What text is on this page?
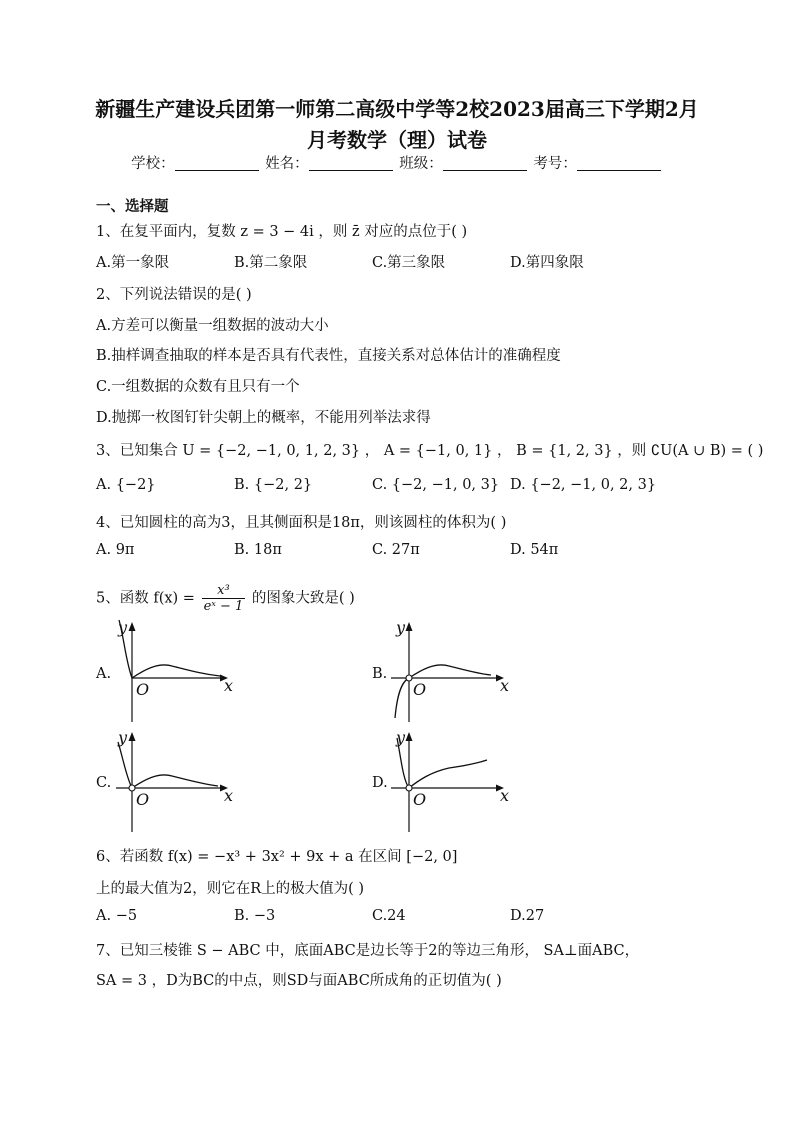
新疆生产建设兵团第一师第二高级中学等2校2023届高三下学期2月
月考数学（理）试卷
学校：	姓名：	班级：	考号：
一、选择题
1、在复平面内，复数 z = 3 − 4i ，则 z̄ 对应的点位于( )
A.第一象限	B.第二象限	C.第三象限	D.第四象限
2、下列说法错误的是( )
A.方差可以衡量一组数据的波动大小
B.抽样调查抽取的样本是否具有代表性，直接关系对总体估计的准确程度
C.一组数据的众数有且只有一个
D.抛掷一枚图钉针尖朝上的概率，不能用列举法求得
3、已知集合 U = {−2, −1, 0, 1, 2, 3} ， A = {−1, 0, 1} ， B = {1, 2, 3} ，则 ∁U(A ∪ B) = ( )
A. {−2}	B. {−2, 2}	C. {−2, −1, 0, 3} D. {−2, −1, 0, 2, 3}
4、已知圆柱的高为3，且其侧面积是18π，则该圆柱的体积为( )
A. 9π	B. 18π	C. 27π	D. 54π
5、函数 $f(x) = \frac{\text{x³}}{\text{eˣ − 1}}$ 的图象大致是( )
A.
y
x
O
B.
y
x
O
C.
y
x
O
D.
y
x
O
6、若函数 f(x) = −x³ + 3x² + 9x + a 在区间 [−2, 0]
上的最大值为2，则它在R上的极大值为( )
A. −5	B. −3	C.24	D.27
7、已知三棱锥 S − ABC 中，底面ABC是边长等于2的等边三角形， SA⊥面ABC，
SA = 3 ，D为BC的中点，则SD与面ABC所成角的正切值为( )
